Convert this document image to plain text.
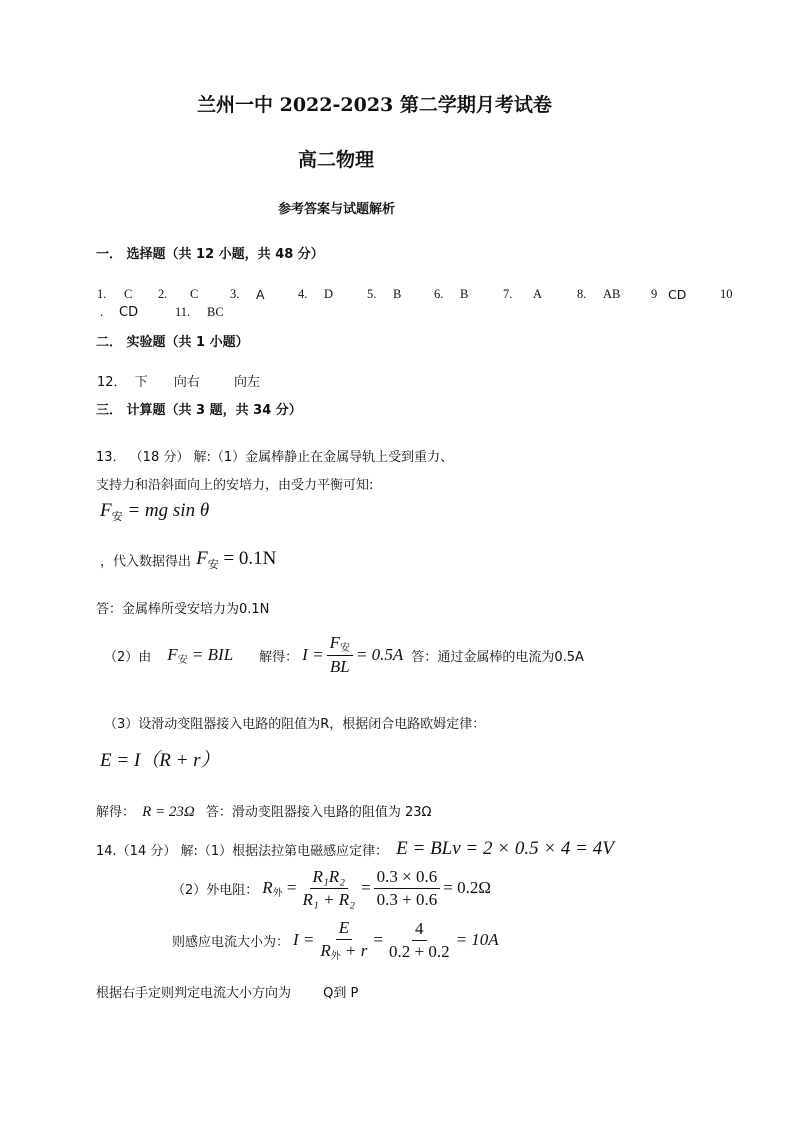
兰州一中 2022-2023 第二学期月考试卷
高二物理
参考答案与试题解析
一． 选择题（共 12 小题，共 48 分）
1. C 2. C	3. A	4. D	5. B	6. B	7. A	8. AB 9 CD	10
. CD	11. BC
二． 实验题（共 1 小题）
12． 下 向右	向左
三． 计算题（共 3 题，共 34 分）
13． （18 分） 解:（1）金属棒静止在金属导轨上受到重力、
支持力和沿斜面向上的安培力，由受力平衡可知:
$F_安$ = mg sin θ
，代入数据得出 $F_安 = 0.1N$
答：金属棒所受安培力为0.1N
（2）由 $F_安$ = BIL 解得： $I = \frac{F_安}{BL} = 0.5A$ 答：通过金属棒的电流为0.5A
（3）设滑动变阻器接入电路的阻值为R，根据闭合电路欧姆定律：
E = I（R + r）
解得： R = 23Ω 答：滑动变阻器接入电路的阻值为 23Ω
14.（14 分） 解:（1）根据法拉第电磁感应定律： E = BLv = 2 × 0.5 × 4 = 4V
（2）外电阻： $R_外 = \frac{\text{R₁R₂}}{\text{R₁ + R₂}} = \frac{0.3 \times 0.6}{0.3 + 0.6} = 0.2\Omega$
则感应电流大小为： $I = \frac{E}{R_外 + r} = \frac{4}{0.2 + 0.2} = 10A$
根据右手定则判定电流大小方向为 Q到 P
